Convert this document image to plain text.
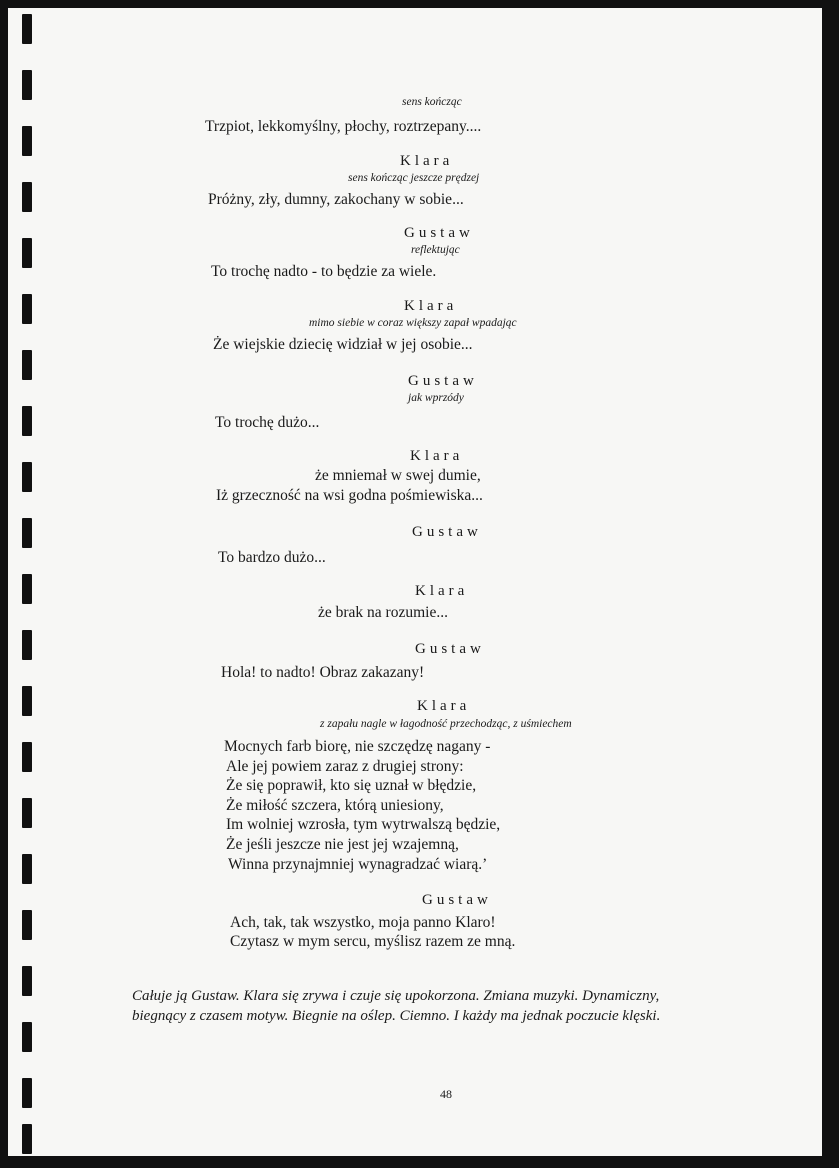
sens kończąc
Trzpiot, lekkomyślny, płochy, roztrzepany....
Klara
sens kończąc jeszcze prędzej
Próżny, zły, dumny, zakochany w sobie...
Gustaw
reflektując
To trochę nadto - to będzie za wiele.
Klara
mimo siebie w coraz większy zapał wpadając
Że wiejskie dziecię widział w jej osobie...
Gustaw
jak wprzódy
To trochę dużo...
Klara
że mniemał w swej dumie,
Iż grzeczność na wsi godna pośmiewiska...
Gustaw
To bardzo dużo...
Klara
że brak na rozumie...
Gustaw
Hola! to nadto! Obraz zakazany!
Klara
z zapału nagle w łagodność przechodząc, z uśmiechem
Mocnych farb biorę, nie szczędzę nagany -
Ale jej powiem zaraz z drugiej strony:
Że się poprawił, kto się uznał w błędzie,
Że miłość szczera, którą uniesiony,
Im wolniej wzrosła, tym wytrwalszą będzie,
Że jeśli jeszcze nie jest jej wzajemną,
Winna przynajmniej wynagradzać wiarą.’
Gustaw
Ach, tak, tak wszystko, moja panno Klaro!
Czytasz w mym sercu, myślisz razem ze mną.
Całuje ją Gustaw. Klara się zrywa i czuje się upokorzona. Zmiana muzyki. Dynamiczny,
biegnący z czasem motyw. Biegnie na oślep. Ciemno. I każdy ma jednak poczucie klęski.
48
